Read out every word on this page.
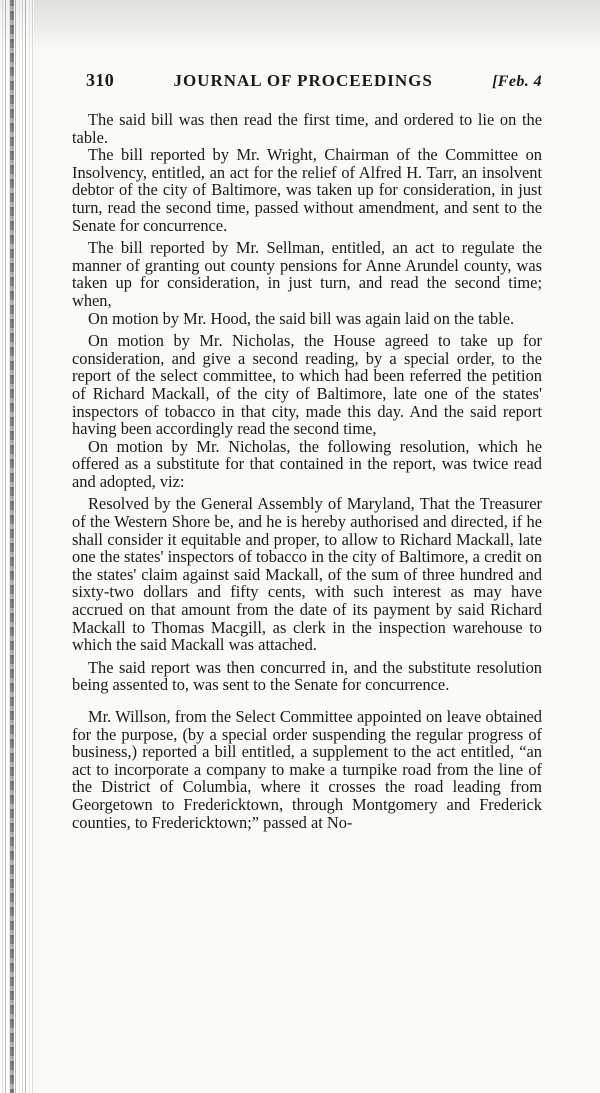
310	JOURNAL OF PROCEEDINGS	[Feb. 4

The said bill was then read the first time, and ordered to lie on the table.

The bill reported by Mr. Wright, Chairman of the Committee on Insolvency, entitled, an act for the relief of Alfred H. Tarr, an insolvent debtor of the city of Baltimore, was taken up for consideration, in just turn, read the second time, passed without amendment, and sent to the Senate for concurrence.

The bill reported by Mr. Sellman, entitled, an act to regulate the manner of granting out county pensions for Anne Arundel county, was taken up for consideration, in just turn, and read the second time; when,

On motion by Mr. Hood, the said bill was again laid on the table.

On motion by Mr. Nicholas, the House agreed to take up for consideration, and give a second reading, by a special order, to the report of the select committee, to which had been referred the petition of Richard Mackall, of the city of Baltimore, late one of the states' inspectors of tobacco in that city, made this day. And the said report having been accordingly read the second time,

On motion by Mr. Nicholas, the following resolution, which he offered as a substitute for that contained in the report, was twice read and adopted, viz:

Resolved by the General Assembly of Maryland, That the Treasurer of the Western Shore be, and he is hereby authorised and directed, if he shall consider it equitable and proper, to allow to Richard Mackall, late one the states' inspectors of tobacco in the city of Baltimore, a credit on the states' claim against said Mackall, of the sum of three hundred and sixty-two dollars and fifty cents, with such interest as may have accrued on that amount from the date of its payment by said Richard Mackall to Thomas Macgill, as clerk in the inspection warehouse to which the said Mackall was attached.

The said report was then concurred in, and the substitute resolution being assented to, was sent to the Senate for concurrence.

Mr. Willson, from the Select Committee appointed on leave obtained for the purpose, (by a special order suspending the regular progress of business,) reported a bill entitled, a supplement to the act entitled, “an act to incorporate a company to make a turnpike road from the line of the District of Columbia, where it crosses the road leading from Georgetown to Fredericktown, through Montgomery and Frederick counties, to Fredericktown;” passed at No-
